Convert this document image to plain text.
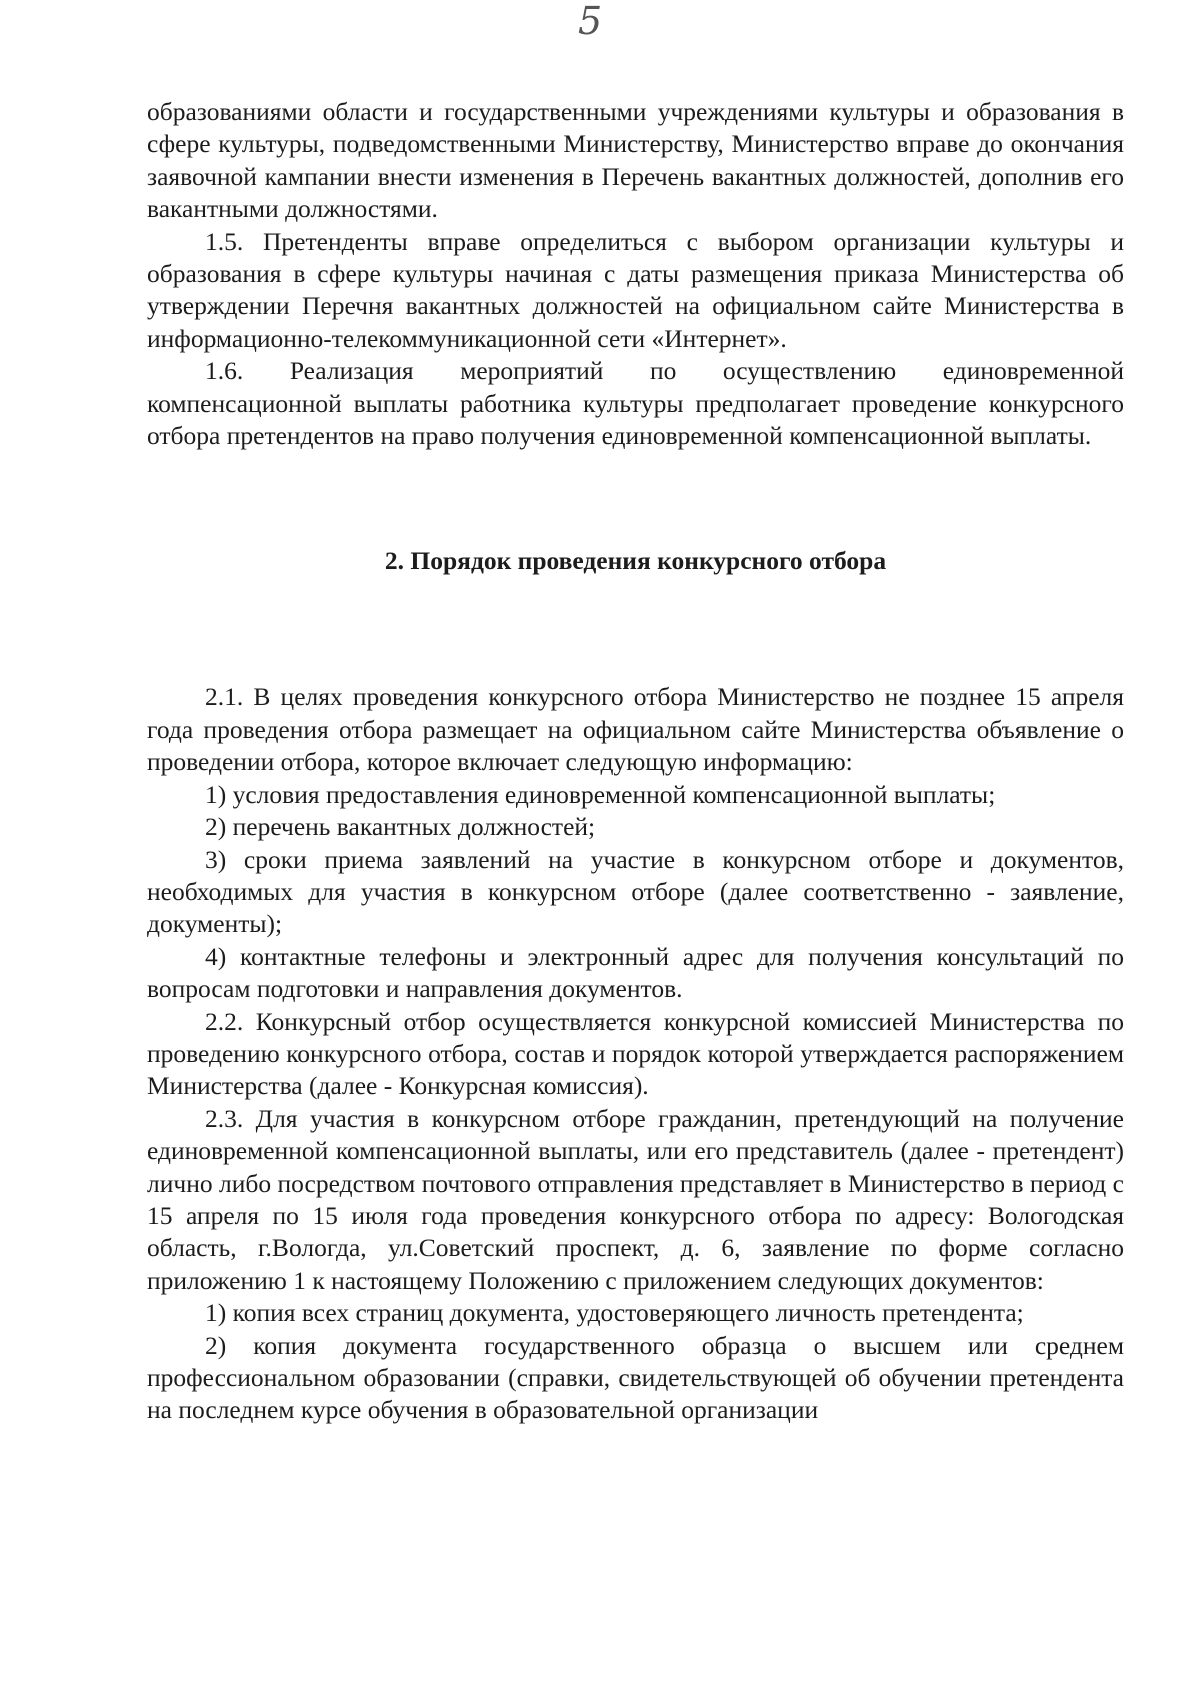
5

образованиями области и государственными учреждениями культуры и образования в сфере культуры, подведомственными Министерству, Министерство вправе до окончания заявочной кампании внести изменения в Перечень вакантных должностей, дополнив его вакантными должностями.

1.5. Претенденты вправе определиться с выбором организации культуры и образования в сфере культуры начиная с даты размещения приказа Министерства об утверждении Перечня вакантных должностей на официальном сайте Министерства в информационно-телекоммуникационной сети «Интернет».

1.6. Реализация мероприятий по осуществлению единовременной компенсационной выплаты работника культуры предполагает проведение конкурсного отбора претендентов на право получения единовременной компенсационной выплаты.

2. Порядок проведения конкурсного отбора

2.1. В целях проведения конкурсного отбора Министерство не позднее 15 апреля года проведения отбора размещает на официальном сайте Министерства объявление о проведении отбора, которое включает следующую информацию:

1) условия предоставления единовременной компенсационной выплаты;

2) перечень вакантных должностей;

3) сроки приема заявлений на участие в конкурсном отборе и документов, необходимых для участия в конкурсном отборе (далее соответственно - заявление, документы);

4) контактные телефоны и электронный адрес для получения консультаций по вопросам подготовки и направления документов.

2.2. Конкурсный отбор осуществляется конкурсной комиссией Министерства по проведению конкурсного отбора, состав и порядок которой утверждается распоряжением Министерства (далее - Конкурсная комиссия).

2.3. Для участия в конкурсном отборе гражданин, претендующий на получение единовременной компенсационной выплаты, или его представитель (далее - претендент) лично либо посредством почтового отправления представляет в Министерство в период с 15 апреля по 15 июля года проведения конкурсного отбора по адресу: Вологодская область, г.Вологда, ул.Советский проспект, д. 6, заявление по форме согласно приложению 1 к настоящему Положению с приложением следующих документов:

1) копия всех страниц документа, удостоверяющего личность претендента;

2) копия документа государственного образца о высшем или среднем профессиональном образовании (справки, свидетельствующей об обучении претендента на последнем курсе обучения в образовательной организации
